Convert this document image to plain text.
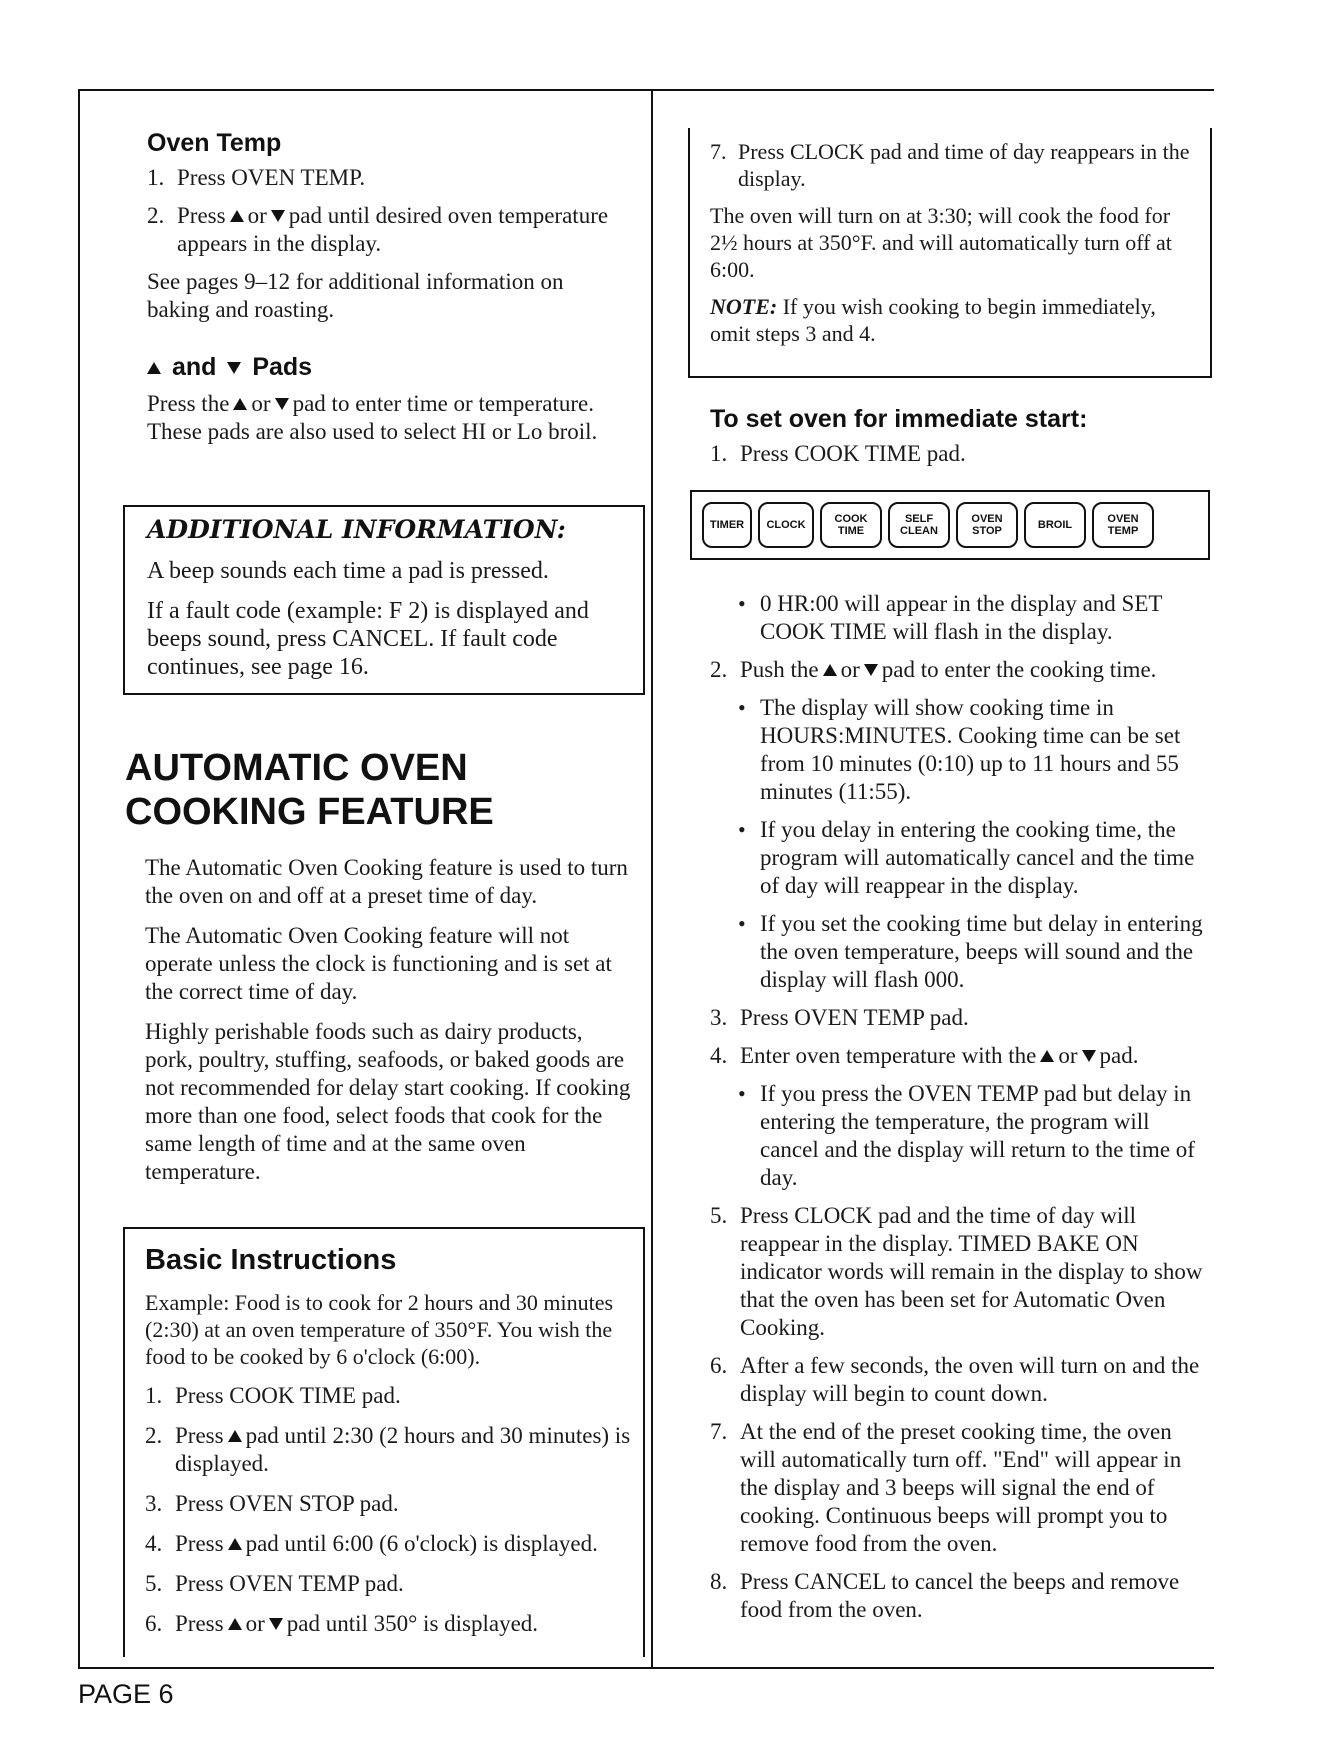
Oven Temp
1. Press OVEN TEMP.
2. Press or pad until desired oven temperature appears in the display.

See pages 9–12 for additional information on baking and roasting.

and Pads

Press the or pad to enter time or temperature. These pads are also used to select HI or Lo broil.

ADDITIONAL INFORMATION:

A beep sounds each time a pad is pressed.

If a fault code (example: F 2) is displayed and beeps sound, press CANCEL. If fault code continues, see page 16.

AUTOMATIC OVEN
COOKING FEATURE

The Automatic Oven Cooking feature is used to turn the oven on and off at a preset time of day.

The Automatic Oven Cooking feature will not operate unless the clock is functioning and is set at the correct time of day.

Highly perishable foods such as dairy products, pork, poultry, stuffing, seafoods, or baked goods are not recommended for delay start cooking. If cooking more than one food, select foods that cook for the same length of time and at the same oven temperature.

Basic Instructions

Example: Food is to cook for 2 hours and 30 minutes (2:30) at an oven temperature of 350°F. You wish the food to be cooked by 6 o'clock (6:00).

1. Press COOK TIME pad.
2. Press pad until 2:30 (2 hours and 30 minutes) is displayed.
3. Press OVEN STOP pad.
4. Press pad until 6:00 (6 o'clock) is displayed.
5. Press OVEN TEMP pad.
6. Press or pad until 350° is displayed.
7. Press CLOCK pad and time of day reappears in the display.

The oven will turn on at 3:30; will cook the food for 2½ hours at 350°F. and will automatically turn off at 6:00.

NOTE: If you wish cooking to begin immediately, omit steps 3 and 4.

To set oven for immediate start:
1. Press COOK TIME pad.
TIMER CLOCK	COOK
TIME
SELF
CLEAN
OVEN
STOP	BROIL	OVEN
TEMP
• 0 HR:00 will appear in the display and SET COOK TIME will flash in the display.
2. Push the or pad to enter the cooking time.
• The display will show cooking time in HOURS:MINUTES. Cooking time can be set from 10 minutes (0:10) up to 11 hours and 55 minutes (11:55).
• If you delay in entering the cooking time, the program will automatically cancel and the time of day will reappear in the display.
• If you set the cooking time but delay in entering the oven temperature, beeps will sound and the display will flash 000.
3. Press OVEN TEMP pad.
4. Enter oven temperature with the or pad.
• If you press the OVEN TEMP pad but delay in entering the temperature, the program will cancel and the display will return to the time of day.
5. Press CLOCK pad and the time of day will reappear in the display. TIMED BAKE ON indicator words will remain in the display to show that the oven has been set for Automatic Oven Cooking.
6. After a few seconds, the oven will turn on and the display will begin to count down.
7. At the end of the preset cooking time, the oven will automatically turn off. "End" will appear in the display and 3 beeps will signal the end of cooking. Continuous beeps will prompt you to remove food from the oven.
8. Press CANCEL to cancel the beeps and remove food from the oven.
PAGE 6
